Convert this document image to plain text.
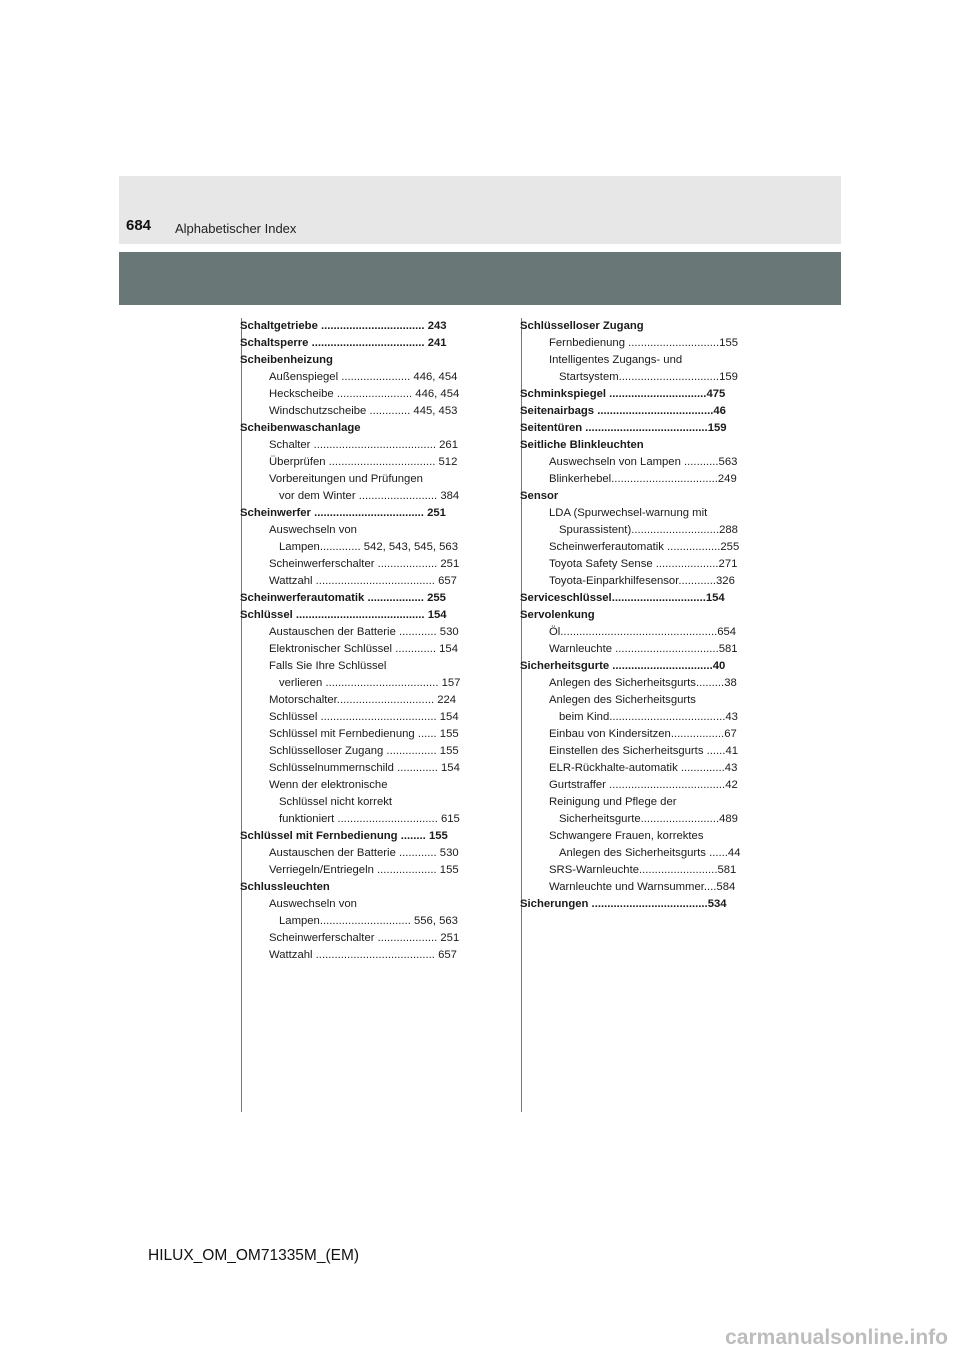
684 Alphabetischer Index
Schaltgetriebe ................................. 243
Schaltsperre .................................... 241
Scheibenheizung
Außenspiegel ...................... 446, 454
Heckscheibe ........................ 446, 454
Windschutzscheibe ............. 445, 453
Scheibenwaschanlage
Schalter ....................................... 261
Überprüfen .................................. 512
Vorbereitungen und Prüfungen
vor dem Winter ......................... 384
Scheinwerfer ................................... 251
Auswechseln von
Lampen............. 542, 543, 545, 563
Scheinwerferschalter ................... 251
Wattzahl ...................................... 657
Scheinwerferautomatik .................. 255
Schlüssel ......................................... 154
Austauschen der Batterie ............ 530
Elektronischer Schlüssel ............. 154
Falls Sie Ihre Schlüssel
verlieren .................................... 157
Motorschalter............................... 224
Schlüssel ..................................... 154
Schlüssel mit Fernbedienung ...... 155
Schlüsselloser Zugang ................ 155
Schlüsselnummernschild ............. 154
Wenn der elektronische
Schlüssel nicht korrekt
funktioniert ................................ 615
Schlüssel mit Fernbedienung ........ 155
Austauschen der Batterie ............ 530
Verriegeln/Entriegeln ................... 155
Schlussleuchten
Auswechseln von
Lampen............................. 556, 563
Scheinwerferschalter ................... 251
Wattzahl ...................................... 657
Schlüsselloser Zugang
Fernbedienung .............................155
Intelligentes Zugangs- und
Startsystem................................159
Schminkspiegel ...............................475
Seitenairbags .....................................46
Seitentüren .......................................159
Seitliche Blinkleuchten
Auswechseln von Lampen ...........563
Blinkerhebel..................................249
Sensor
LDA (Spurwechsel-warnung mit
Spurassistent)............................288
Scheinwerferautomatik .................255
Toyota Safety Sense ....................271
Toyota-Einparkhilfesensor............326
Serviceschlüssel..............................154
Servolenkung
Öl..................................................654
Warnleuchte .................................581
Sicherheitsgurte ................................40
Anlegen des Sicherheitsgurts.........38
Anlegen des Sicherheitsgurts
beim Kind.....................................43
Einbau von Kindersitzen.................67
Einstellen des Sicherheitsgurts ......41
ELR-Rückhalte-automatik ..............43
Gurtstraffer .....................................42
Reinigung und Pflege der
Sicherheitsgurte.........................489
Schwangere Frauen, korrektes
Anlegen des Sicherheitsgurts ......44
SRS-Warnleuchte.........................581
Warnleuchte und Warnsummer....584
Sicherungen .....................................534
HILUX_OM_OM71335M_(EM)
carmanualsonline.info
